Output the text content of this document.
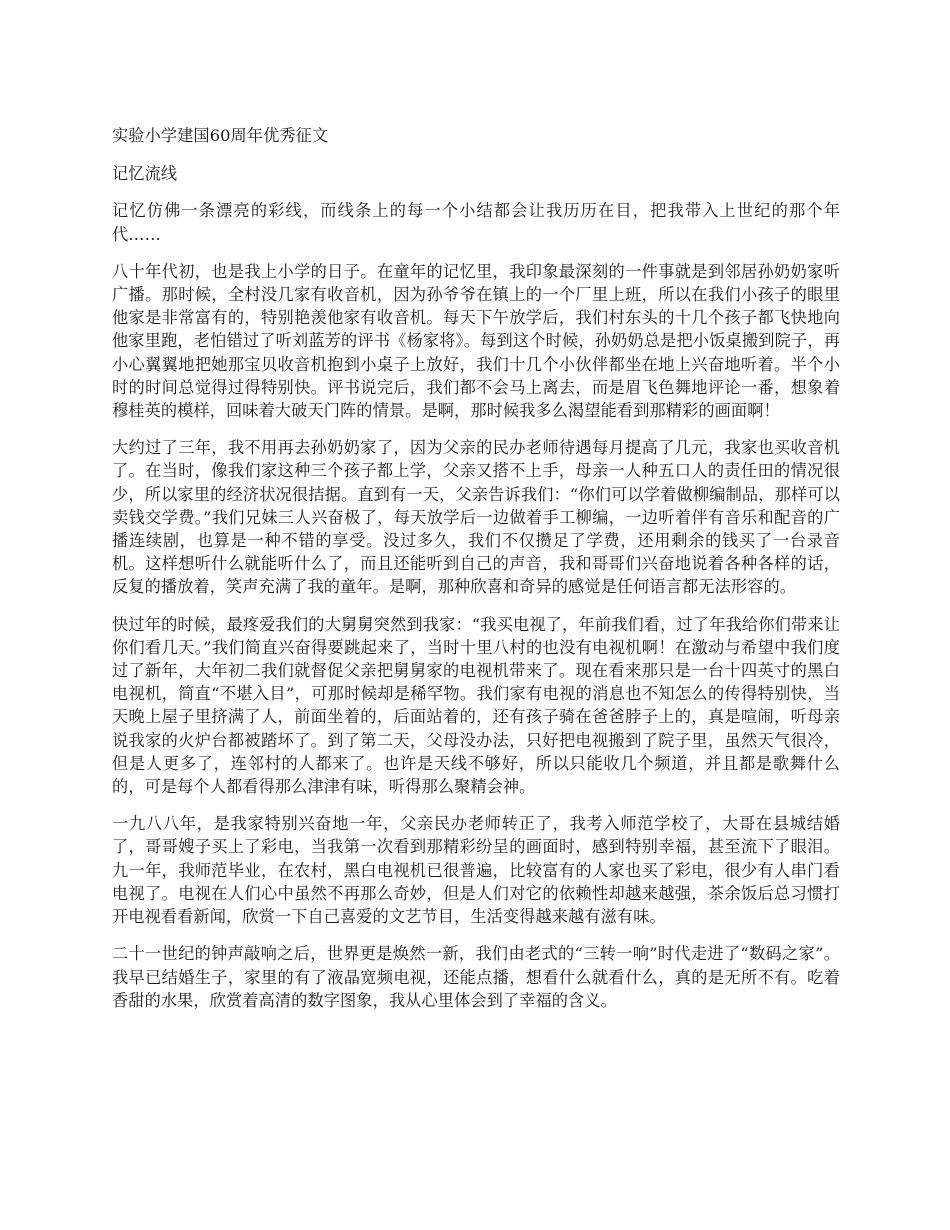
实验小学建国60周年优秀征文

记忆流线

记忆仿佛一条漂亮的彩线，而线条上的每一个小结都会让我历历在目，把我带入上世纪的那个年代……

八十年代初，也是我上小学的日子。在童年的记忆里，我印象最深刻的一件事就是到邻居孙奶奶家听广播。那时候，全村没几家有收音机，因为孙爷爷在镇上的一个厂里上班，所以在我们小孩子的眼里他家是非常富有的，特别艳羡他家有收音机。每天下午放学后，我们村东头的十几个孩子都飞快地向他家里跑，老怕错过了听刘蓝芳的评书《杨家将》。每到这个时候，孙奶奶总是把小饭桌搬到院子，再小心翼翼地把她那宝贝收音机抱到小桌子上放好，我们十几个小伙伴都坐在地上兴奋地听着。半个小时的时间总觉得过得特别快。评书说完后，我们都不会马上离去，而是眉飞色舞地评论一番，想象着穆桂英的模样，回味着大破天门阵的情景。是啊，那时候我多么渴望能看到那精彩的画面啊！

大约过了三年，我不用再去孙奶奶家了，因为父亲的民办老师待遇每月提高了几元，我家也买收音机了。在当时，像我们家这种三个孩子都上学，父亲又搭不上手，母亲一人种五口人的责任田的情况很少，所以家里的经济状况很拮据。直到有一天，父亲告诉我们：“你们可以学着做柳编制品，那样可以卖钱交学费。”我们兄妹三人兴奋极了，每天放学后一边做着手工柳编，一边听着伴有音乐和配音的广播连续剧，也算是一种不错的享受。没过多久，我们不仅攒足了学费，还用剩余的钱买了一台录音机。这样想听什么就能听什么了，而且还能听到自己的声音，我和哥哥们兴奋地说着各种各样的话，反复的播放着，笑声充满了我的童年。是啊，那种欣喜和奇异的感觉是任何语言都无法形容的。

快过年的时候，最疼爱我们的大舅舅突然到我家：“我买电视了，年前我们看，过了年我给你们带来让你们看几天。”我们简直兴奋得要跳起来了，当时十里八村的也没有电视机啊！在激动与希望中我们度过了新年，大年初二我们就督促父亲把舅舅家的电视机带来了。现在看来那只是一台十四英寸的黑白电视机，简直“不堪入目”，可那时候却是稀罕物。我们家有电视的消息也不知怎么的传得特别快，当天晚上屋子里挤满了人，前面坐着的，后面站着的，还有孩子骑在爸爸脖子上的，真是喧闹，听母亲说我家的火炉台都被踏坏了。到了第二天，父母没办法，只好把电视搬到了院子里，虽然天气很冷，但是人更多了，连邻村的人都来了。也许是天线不够好，所以只能收几个频道，并且都是歌舞什么的，可是每个人都看得那么津津有味，听得那么聚精会神。

一九八八年，是我家特别兴奋地一年，父亲民办老师转正了，我考入师范学校了，大哥在县城结婚了，哥哥嫂子买上了彩电，当我第一次看到那精彩纷呈的画面时，感到特别幸福，甚至流下了眼泪。九一年，我师范毕业，在农村，黑白电视机已很普遍，比较富有的人家也买了彩电，很少有人串门看电视了。电视在人们心中虽然不再那么奇妙，但是人们对它的依赖性却越来越强，茶余饭后总习惯打开电视看看新闻，欣赏一下自己喜爱的文艺节目，生活变得越来越有滋有味。

二十一世纪的钟声敲响之后，世界更是焕然一新，我们由老式的“三转一响”时代走进了“数码之家”。我早已结婚生子，家里的有了液晶宽频电视，还能点播，想看什么就看什么，真的是无所不有。吃着香甜的水果，欣赏着高清的数字图象，我从心里体会到了幸福的含义。
